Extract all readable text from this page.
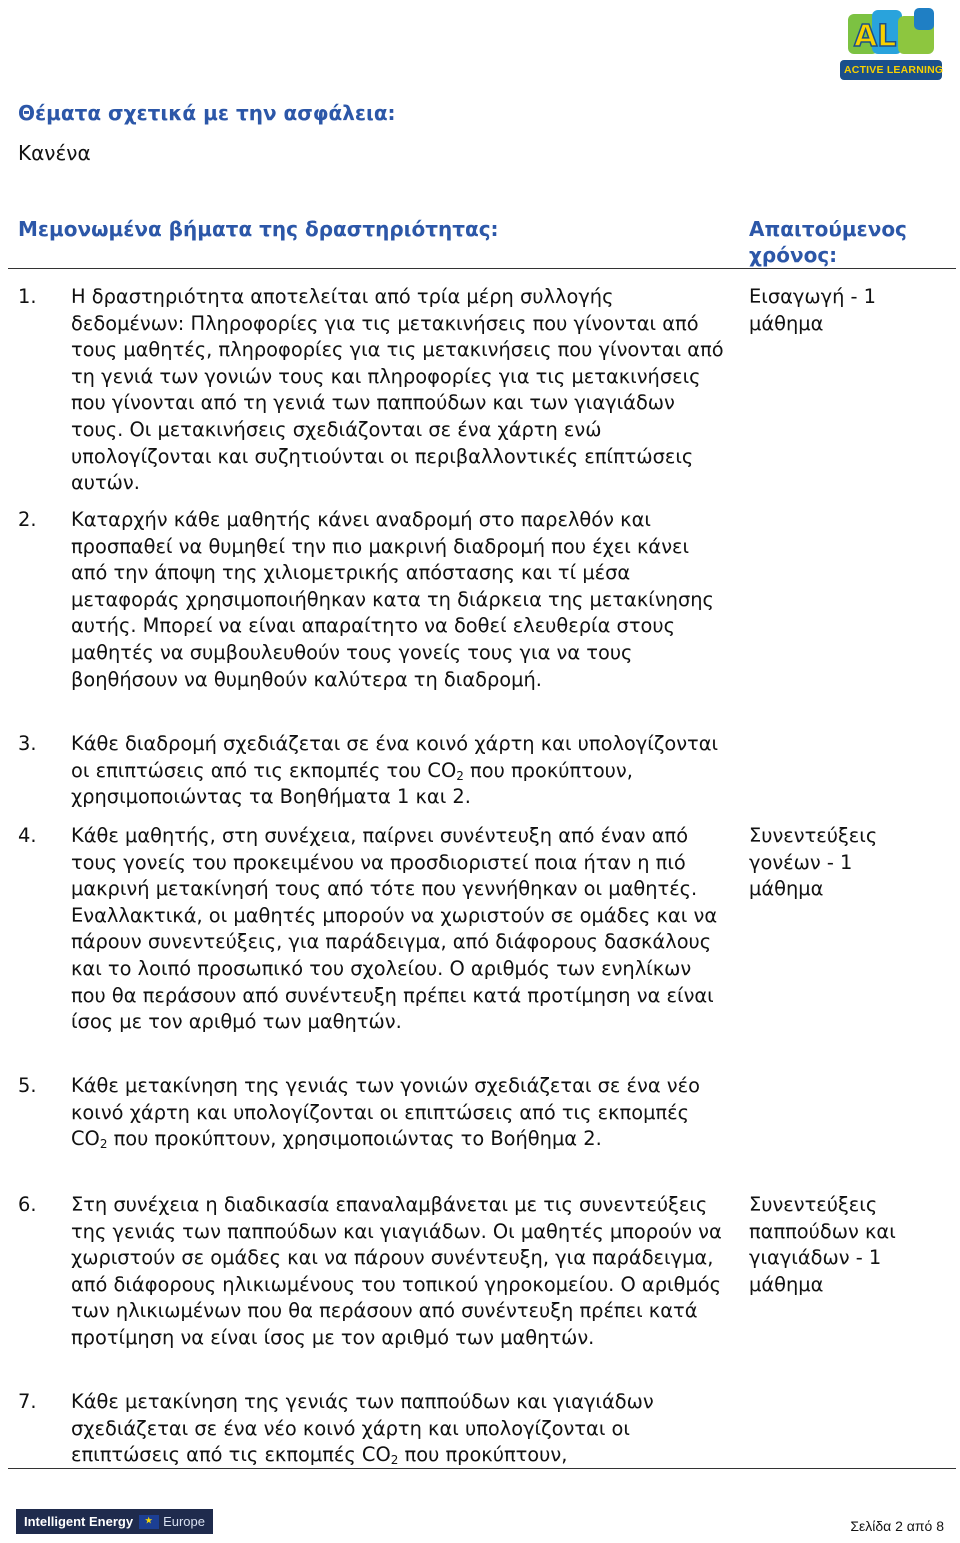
AL
ACTIVE LEARNING

Θέματα σχετικά με την ασφάλεια:

Κανένα

Μεμονωμένα βήματα της δραστηριότητας:	Απαιτούμενος χρόνος:

1. Η δραστηριότητα αποτελείται από τρία μέρη συλλογής δεδομένων: Πληροφορίες για τις μετακινήσεις που γίνονται από τους μαθητές, πληροφορίες για τις μετακινήσεις που γίνονται από τη γενιά των γονιών τους και πληροφορίες για τις μετακινήσεις που γίνονται από τη γενιά των παππούδων και των γιαγιάδων τους. Οι μετακινήσεις σχεδιάζονται σε ένα χάρτη ενώ υπολογίζονται και συζητιούνται οι περιβαλλοντικές επίπτώσεις αυτών.
2. Καταρχήν κάθε μαθητής κάνει αναδρομή στο παρελθόν και προσπαθεί να θυμηθεί την πιο μακρινή διαδρομή που έχει κάνει από την άποψη της χιλιομετρικής απόστασης και τί μέσα μεταφοράς χρησιμοποιήθηκαν κατα τη διάρκεια της μετακίνησης αυτής. Μπορεί να είναι απαραίτητο να δοθεί ελευθερία στους μαθητές να συμβουλευθούν τους γονείς τους για να τους βοηθήσουν να θυμηθούν καλύτερα τη διαδρομή.
3. Κάθε διαδρομή σχεδιάζεται σε ένα κοινό χάρτη και υπολογίζονται οι επιπτώσεις από τις εκπομπές του $CO_2$ που προκύπτουν, χρησιμοποιώντας τα Βοηθήματα 1 και 2.
4. Κάθε μαθητής, στη συνέχεια, παίρνει συνέντευξη από έναν από τους γονείς του προκειμένου να προσδιοριστεί ποια ήταν η πιό μακρινή μετακίνησή τους από τότε που γεννήθηκαν οι μαθητές. Εναλλακτικά, οι μαθητές μπορούν να χωριστούν σε ομάδες και να πάρουν συνεντεύξεις, για παράδειγμα, από διάφορους δασκάλους και το λοιπό προσωπικό του σχολείου. Ο αριθμός των ενηλίκων που θα περάσουν από συνέντευξη πρέπει κατά προτίμηση να είναι ίσος με τον αριθμό των μαθητών.
5. Κάθε μετακίνηση της γενιάς των γονιών σχεδιάζεται σε ένα νέο κοινό χάρτη και υπολογίζονται οι επιπτώσεις από τις εκπομπές $CO_2$ που προκύπτουν, χρησιμοποιώντας το Βοήθημα 2.
6. Στη συνέχεια η διαδικασία επαναλαμβάνεται με τις συνεντεύξεις της γενιάς των παππούδων και γιαγιάδων. Οι μαθητές μπορούν να χωριστούν σε ομάδες και να πάρουν συνέντευξη, για παράδειγμα, από διάφορους ηλικιωμένους του τοπικού γηροκομείου. Ο αριθμός των ηλικιωμένων που θα περάσουν από συνέντευξη πρέπει κατά προτίμηση να είναι ίσος με τον αριθμό των μαθητών.
7. Κάθε μετακίνηση της γενιάς των παππούδων και γιαγιάδων σχεδιάζεται σε ένα νέο κοινό χάρτη και υπολογίζονται οι επιπτώσεις από τις εκπομπές $CO_2$ που προκύπτουν,
Εισαγωγή - 1 μάθημα
Συνεντεύξεις γονέων - 1 μάθημα
Συνεντεύξεις παππούδων και γιαγιάδων - 1 μάθημα
Intelligent Energy
★ Europe	Σελίδα 2 από 8
